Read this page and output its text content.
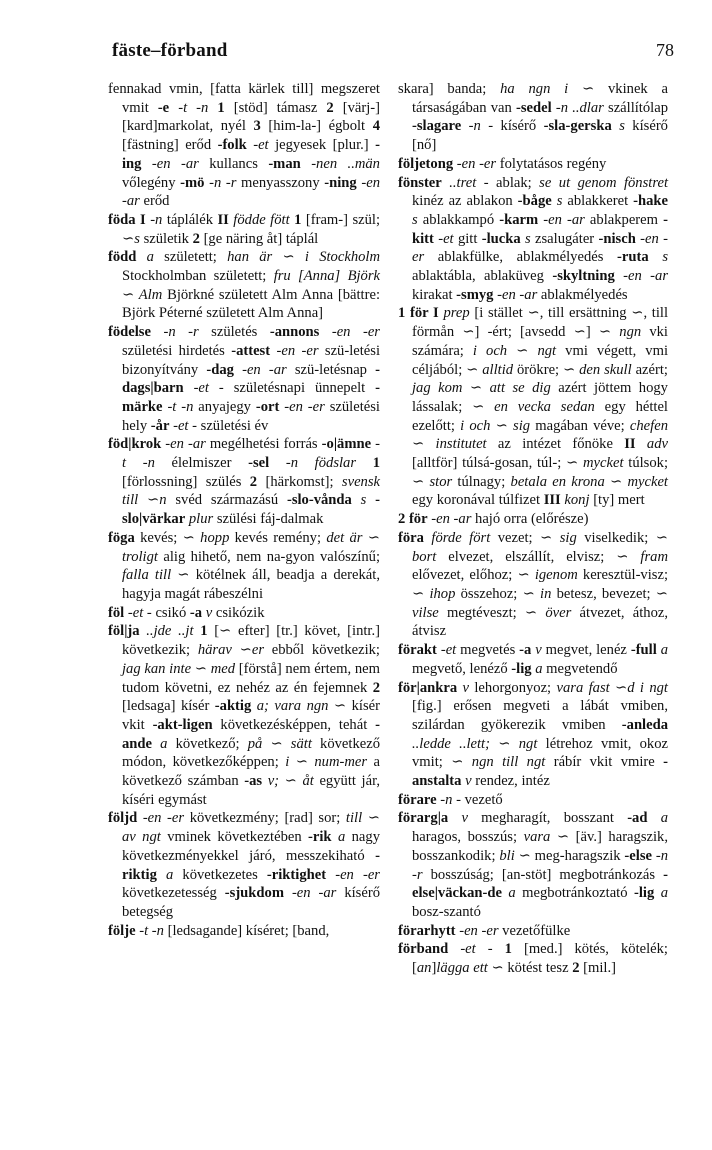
fäste–förband	78

fennakad vmin, [fatta kärlek till] megszeret vmit -e -t -n 1 [stöd] támasz 2 [värj-] [kard]markolat, nyél 3 [him-la-] égbolt 4 [fästning] erőd -folk -et jegyesek [plur.] -ing -en -ar kullancs -man -nen ..män vőlegény -mö -n -r menyasszony -ning -en -ar erőd

föda I -n táplálék II födde fött 1 [fram-] szül; ∽s születik 2 [ge näring åt] táplál

född a született; han är ∽ i Stockholm Stockholmban született; fru [Anna] Björk ∽ Alm Björkné született Alm Anna [bättre: Björk Péterné született Alm Anna]

födelse -n -r születés -annons -en -er születési hirdetés -attest -en -er szü-letési bizonyítvány -dag -en -ar szü-letésnap -dags|barn -et - születésnapi ünnepelt -märke -t -n anyajegy -ort -en -er születési hely -år -et - születési év

föd|krok -en -ar megélhetési forrás -o|ämne -t -n élelmiszer -sel -n födslar 1 [förlossning] szülés 2 [härkomst]; svensk till ∽n svéd származású -slo-vånda s -slo|värkar plur szülési fáj-dalmak

föga kevés; ∽ hopp kevés remény; det är ∽ troligt alig hihető, nem na-gyon valószínű; falla till ∽ kötélnek áll, beadja a derekát, hagyja magát rábeszélni

föl -et - csikó -a v csikózik

föl|ja ..jde ..jt 1 [∽ efter] [tr.] követ, [intr.] következik; härav ∽er ebből következik; jag kan inte ∽ med [förstå] nem értem, nem tudom követni, ez nehéz az én fejemnek 2 [ledsaga] kísér -aktig a; vara ngn ∽ kísér vkit -akt-ligen következésképpen, tehát -ande a következő; på ∽ sätt következő módon, következőképpen; i ∽ num-mer a következő számban -as v; ∽ åt együtt jár, kíséri egymást

följd -en -er következmény; [rad] sor; till ∽ av ngt vminek következtében -rik a nagy következményekkel járó, messzekiható -riktig a következetes -riktighet -en -er következetesség -sjukdom -en -ar kísérő betegség

följe -t -n [ledsagande] kíséret; [band,

skara] banda; ha ngn i ∽ vkinek a társaságában van -sedel -n ..dlar szállítólap -slagare -n - kísérő -sla-gerska s kísérő [nő]

följetong -en -er folytatásos regény

fönster ..tret - ablak; se ut genom fönstret kinéz az ablakon -båge s ablakkeret -hake s ablakkampó -karm -en -ar ablakperem -kitt -et gitt -lucka s zsalugáter -nisch -en -er ablakfülke, ablakmélyedés -ruta s ablaktábla, ablaküveg -skyltning -en -ar kirakat -smyg -en -ar ablakmélyedés

1 för I prep [i stället ∽, till ersättning ∽, till förmån ∽] -ért; [avsedd ∽] ∽ ngn vki számára; i och ∽ ngt vmi végett, vmi céljából; ∽ alltid örökre; ∽ den skull azért; jag kom ∽ att se dig azért jöttem hogy lássalak; ∽ en vecka sedan egy héttel ezelőtt; i och ∽ sig magában véve; chefen ∽ institutet az intézet főnöke II adv [alltför] túlsá-gosan, túl-; ∽ mycket túlsok; ∽ stor túlnagy; betala en krona ∽ mycket egy koronával túlfizet III konj [ty] mert

2 för -en -ar hajó orra (előrésze)

föra förde fört vezet; ∽ sig viselkedik; ∽ bort elvezet, elszállít, elvisz; ∽ fram elővezet, előhoz; ∽ igenom keresztül-visz; ∽ ihop összehoz; ∽ in betesz, bevezet; ∽ vilse megtéveszt; ∽ över átvezet, áthoz, átvisz

förakt -et megvetés -a v megvet, lenéz -full a megvető, lenéző -lig a megvetendő

för|ankra v lehorgonyoz; vara fast ∽d i ngt [fig.] erősen megveti a lábát vmiben, szilárdan gyökerezik vmiben -anleda ..ledde ..lett; ∽ ngt létrehoz vmit, okoz vmit; ∽ ngn till ngt rábír vkit vmire -anstalta v rendez, intéz

förare -n - vezető

förarg|a v megharagít, bosszant -ad a haragos, bosszús; vara ∽ [äv.] haragszik, bosszankodik; bli ∽ meg-haragszik -else -n -r bosszúság; [an-stöt] megbotránkozás -else|väckan-de a megbotránkoztató -lig a bosz-szantó

förarhytt -en -er vezetőfülke

förband -et - 1 [med.] kötés, kötelék; [an]lägga ett ∽ kötést tesz 2 [mil.]
